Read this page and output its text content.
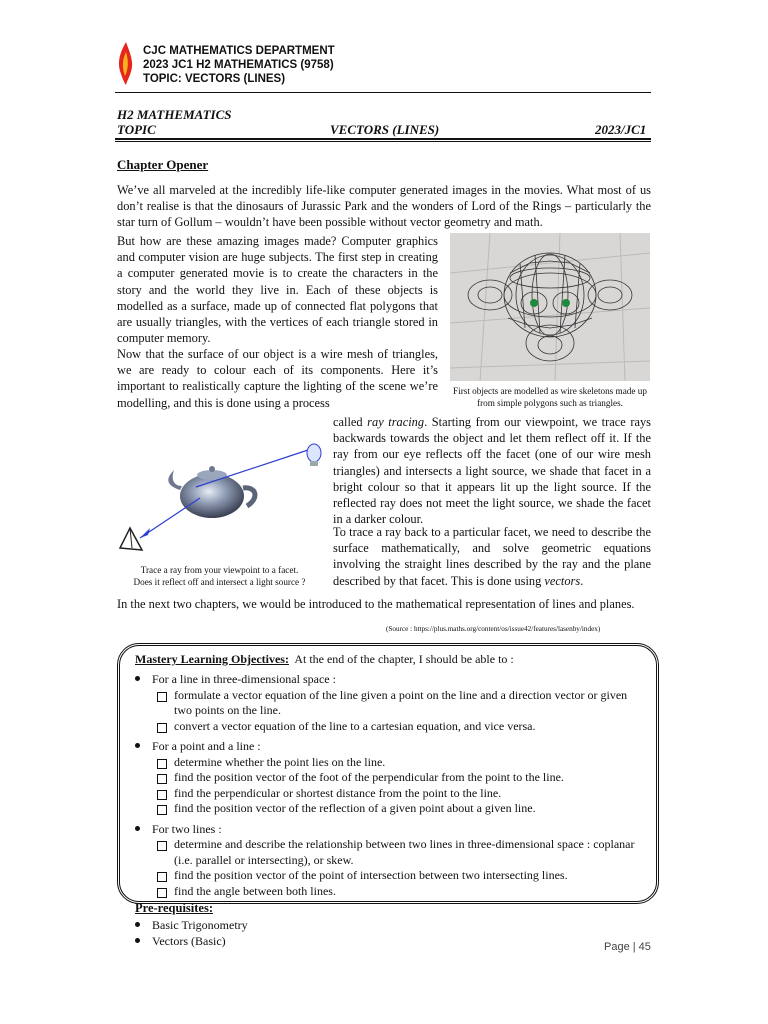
CJC MATHEMATICS DEPARTMENT
2023 JC1 H2 MATHEMATICS (9758)
TOPIC: VECTORS (LINES)
H2 MATHEMATICS
TOPIC	VECTORS (LINES)	2023/JC1
Chapter Opener
We’ve all marveled at the incredibly life-like computer generated images in the movies. What most of us don’t realise is that the dinosaurs of Jurassic Park and the wonders of Lord of the Rings – particularly the star turn of Gollum – wouldn’t have been possible without vector geometry and math.
But how are these amazing images made? Computer graphics and computer vision are huge subjects. The first step in creating a computer generated movie is to create the characters in the story and the world they live in. Each of these objects is modelled as a surface, made up of connected flat polygons that are usually triangles, with the vertices of each triangle stored in computer memory.
Now that the surface of our object is a wire mesh of triangles, we are ready to colour each of its components. Here it’s important to realistically capture the lighting of the scene we’re modelling, and this is done using a process
First objects are modelled as wire skeletons made up from simple polygons such as triangles.
Trace a ray from your viewpoint to a facet.
Does it reflect off and intersect a light source ?
called ray tracing. Starting from our viewpoint, we trace rays backwards towards the object and let them reflect off it. If the ray from our eye reflects off the facet (one of our wire mesh triangles) and intersects a light source, we shade that facet in a bright colour so that it appears lit up the light source. If the reflected ray does not meet the light source, we shade the facet in a darker colour.
To trace a ray back to a particular facet, we need to describe the surface mathematically, and solve geometric equations involving the straight lines described by the ray and the plane described by that facet. This is done using vectors.
In the next two chapters, we would be introduced to the mathematical representation of lines and planes.
(Source : https://plus.maths.org/content/os/issue42/features/lasenby/index)
Mastery Learning Objectives: At the end of the chapter, I should be able to :
For a line in three-dimensional space :
formulate a vector equation of the line given a point on the line and a direction vector or given two points on the line.
convert a vector equation of the line to a cartesian equation, and vice versa.
For a point and a line :
determine whether the point lies on the line.
find the position vector of the foot of the perpendicular from the point to the line.
find the perpendicular or shortest distance from the point to the line.
find the position vector of the reflection of a given point about a given line.
For two lines :
determine and describe the relationship between two lines in three-dimensional space : coplanar (i.e. parallel or intersecting), or skew.
find the position vector of the point of intersection between two intersecting lines.
find the angle between both lines.
Pre-requisites:
Basic Trigonometry
Vectors (Basic)	Page | 45
